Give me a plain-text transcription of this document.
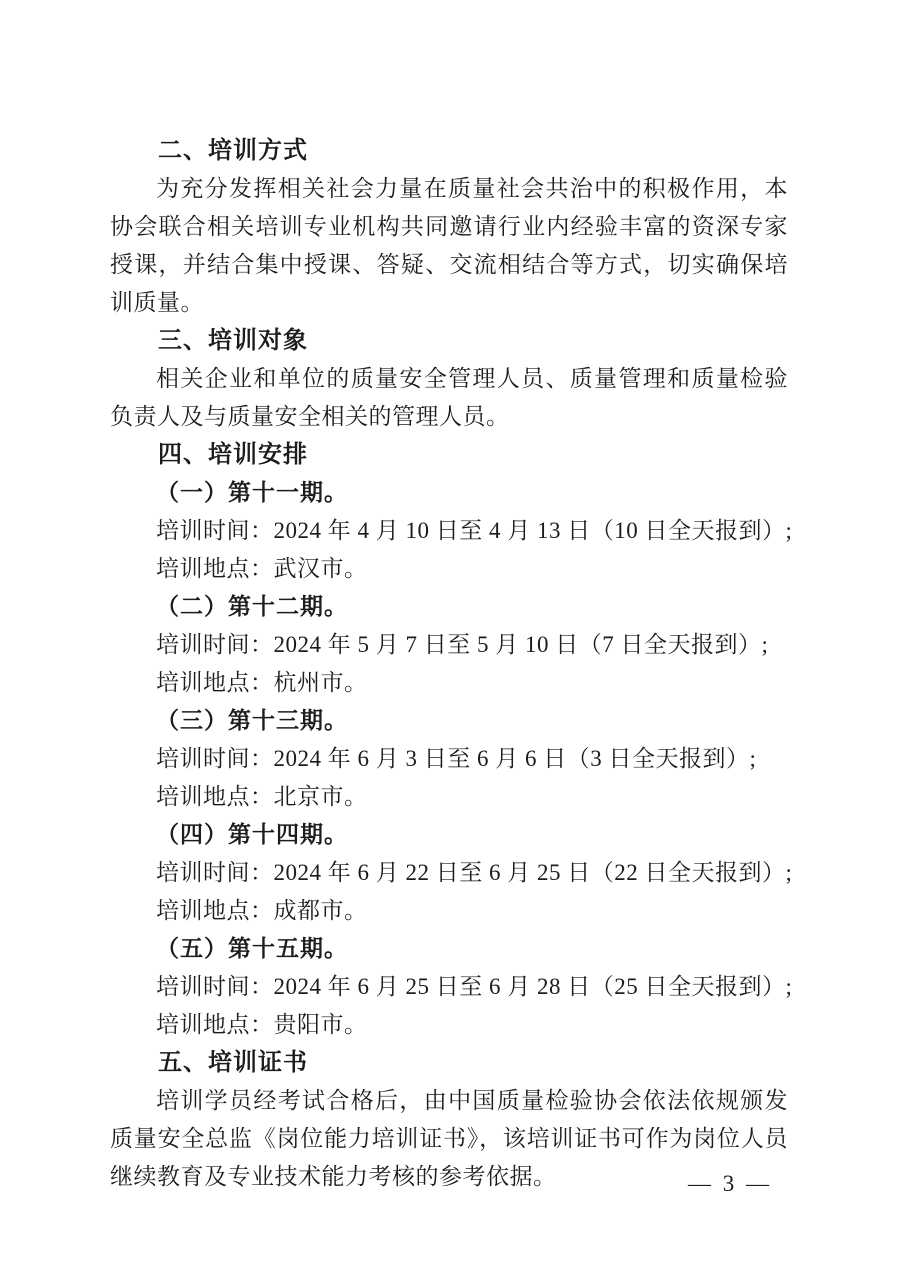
二、培训方式

为充分发挥相关社会力量在质量社会共治中的积极作用，本协会联合相关培训专业机构共同邀请行业内经验丰富的资深专家授课，并结合集中授课、答疑、交流相结合等方式，切实确保培训质量。

三、培训对象

相关企业和单位的质量安全管理人员、质量管理和质量检验负责人及与质量安全相关的管理人员。

四、培训安排
（一）第十一期。

培训时间：2024 年 4 月 10 日至 4 月 13 日（10 日全天报到）;

培训地点：武汉市。

（二）第十二期。

培训时间：2024 年 5 月 7 日至 5 月 10 日（7 日全天报到）;

培训地点：杭州市。

（三）第十三期。

培训时间：2024 年 6 月 3 日至 6 月 6 日（3 日全天报到）;

培训地点：北京市。

（四）第十四期。

培训时间：2024 年 6 月 22 日至 6 月 25 日（22 日全天报到）;

培训地点：成都市。

（五）第十五期。

培训时间：2024 年 6 月 25 日至 6 月 28 日（25 日全天报到）;

培训地点：贵阳市。

五、培训证书

培训学员经考试合格后，由中国质量检验协会依法依规颁发质量安全总监《岗位能力培训证书》，该培训证书可作为岗位人员继续教育及专业技术能力考核的参考依据。	— 3 —
